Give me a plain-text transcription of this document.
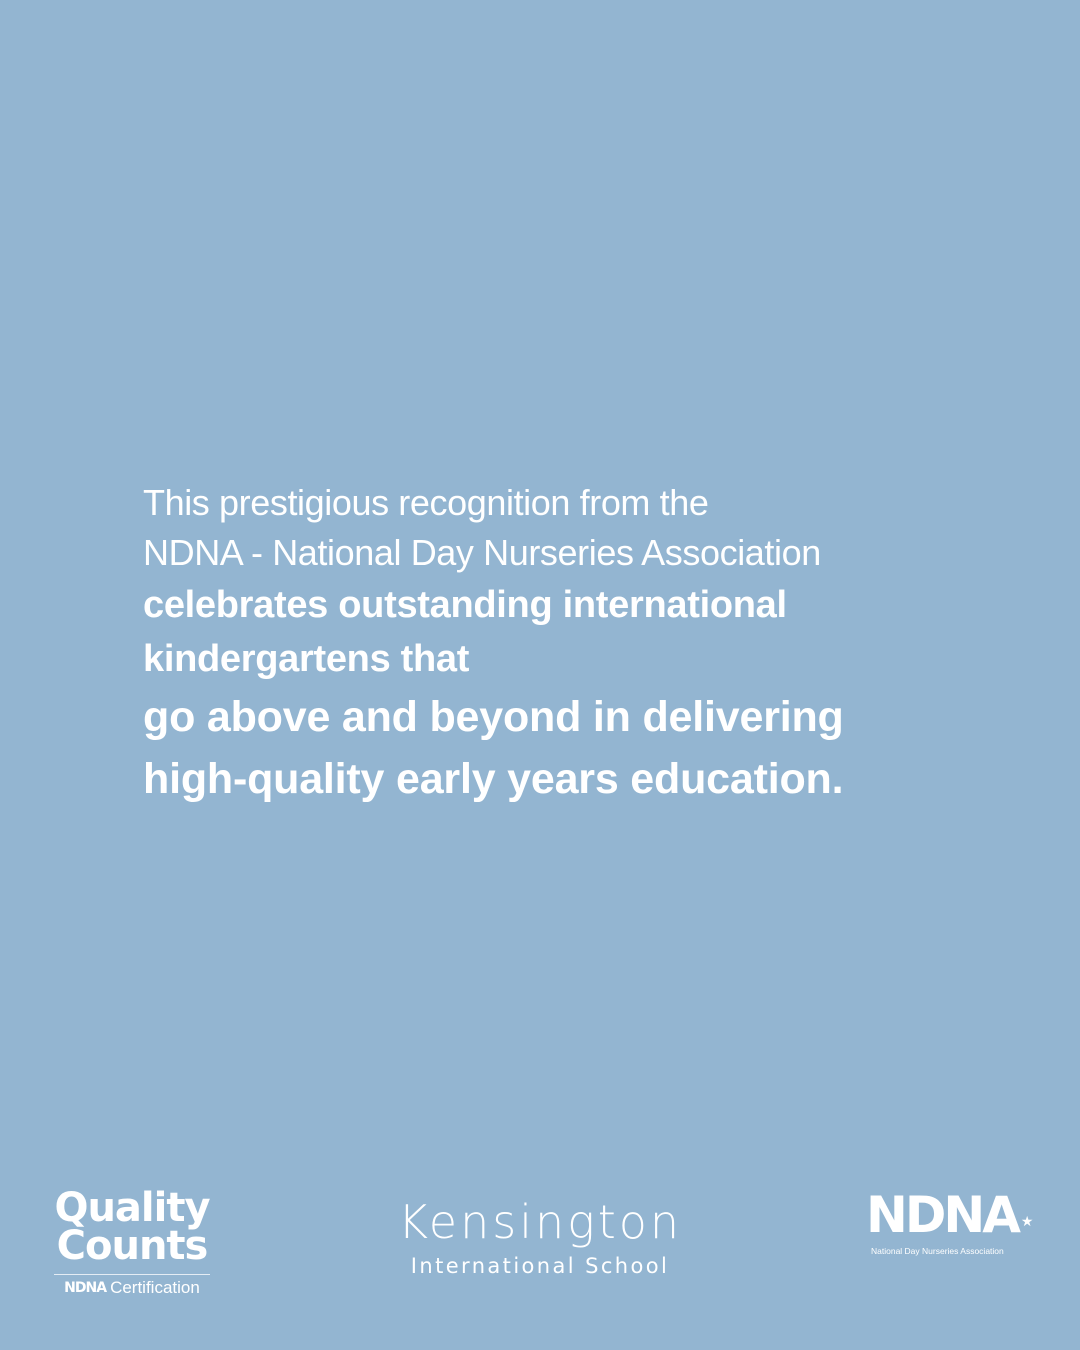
This prestigious recognition from the
NDNA - National Day Nurseries Association
celebrates outstanding international
kindergartens that
go above and beyond in delivering
high-quality early years education.
Quality
Counts
NDNA Certification
Kensington
International School
NDNA ★
National Day Nurseries Association
